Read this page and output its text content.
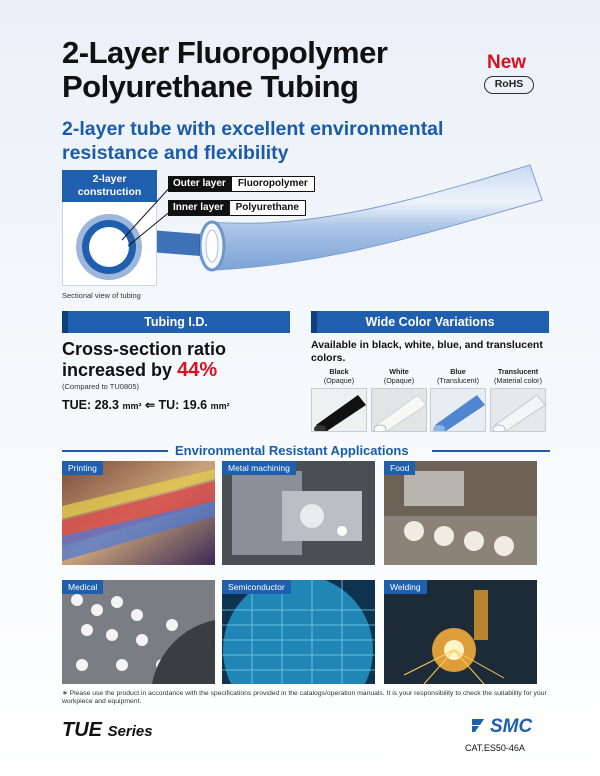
2-Layer Fluoropolymer
Polyurethane Tubing
New
RoHS
2-layer tube with excellent environmental
resistance and flexibility
2-layer
construction
Sectional view of tubing
Outer layer Fluoropolymer
Inner layer Polyurethane
Tubing I.D.
Cross-section ratio
increased by 44%
(Compared to TU0805)
TUE: 28.3 mm² ⇐ TU: 19.6 mm²
Wide Color Variations
Available in black, white, blue, and translucent colors.
Black
(Opaque)
White
(Opaque)
Blue
(Translucent)
Translucent
(Material color)
Environmental Resistant Applications
Printing	Metal machining	Food
Medical	Semiconductor	Welding
∗ Please use the product in accordance with the specifications provided in the catalogs/operation manuals. It is your responsibility to check the suitability for your workpiece and equipment.
TUE Series	SMC
CAT.ES50-46A
